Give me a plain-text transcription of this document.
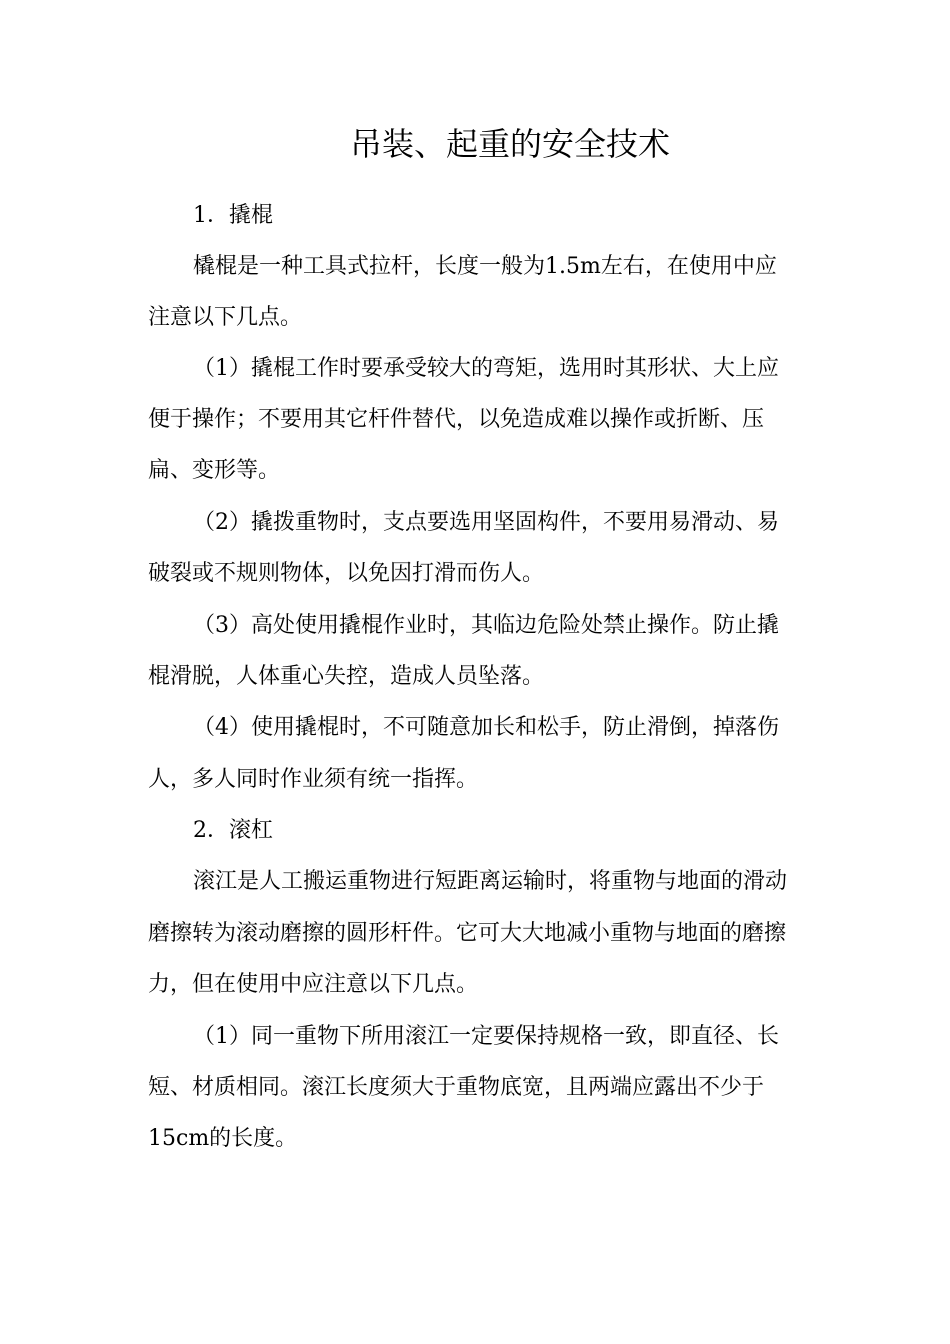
吊装、起重的安全技术
1．撬棍
橇棍是一种工具式拉杆，长度一般为1.5m左右，在使用中应
注意以下几点。
（1）撬棍工作时要承受较大的弯矩，选用时其形状、大上应
便于操作；不要用其它杆件替代，以免造成难以操作或折断、压
扁、变形等。
（2）撬拨重物时，支点要选用坚固构件，不要用易滑动、易
破裂或不规则物体，以免因打滑而伤人。
（3）高处使用撬棍作业时，其临边危险处禁止操作。防止撬
棍滑脱，人体重心失控，造成人员坠落。
（4）使用撬棍时，不可随意加长和松手，防止滑倒，掉落伤
人，多人同时作业须有统一指挥。
2．滚杠
滚江是人工搬运重物进行短距离运输时，将重物与地面的滑动
磨擦转为滚动磨擦的圆形杆件。它可大大地减小重物与地面的磨擦
力，但在使用中应注意以下几点。
（1）同一重物下所用滚江一定要保持规格一致，即直径、长
短、材质相同。滚江长度须大于重物底宽，且两端应露出不少于
15cm的长度。
